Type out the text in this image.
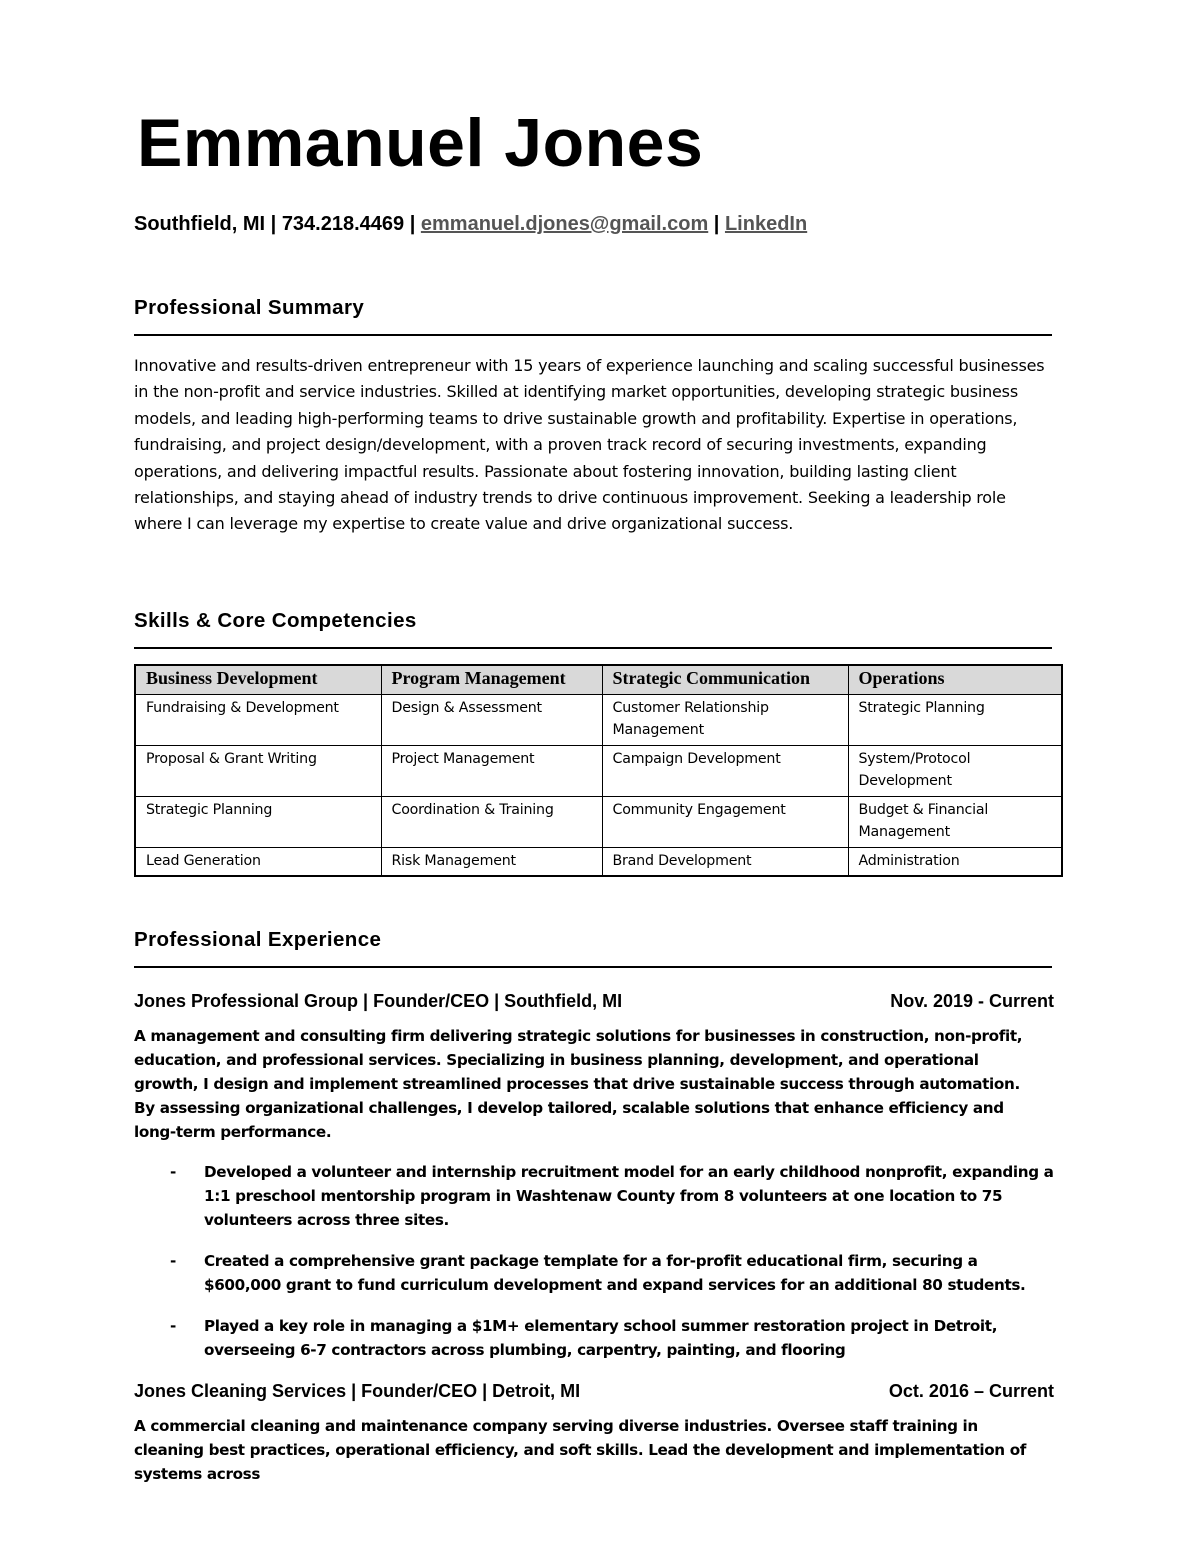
Emmanuel Jones
Southfield, MI | 734.218.4469 | emmanuel.djones@gmail.com | LinkedIn
Professional Summary
Innovative and results-driven entrepreneur with 15 years of experience launching and scaling successful businesses in the non-profit and service industries. Skilled at identifying market opportunities, developing strategic business models, and leading high-performing teams to drive sustainable growth and profitability. Expertise in operations, fundraising, and project design/development, with a proven track record of securing investments, expanding operations, and delivering impactful results. Passionate about fostering innovation, building lasting client relationships, and staying ahead of industry trends to drive continuous improvement. Seeking a leadership role where I can leverage my expertise to create value and drive organizational success.
Skills & Core Competencies
Business Development	Program Management	Strategic Communication	Operations
Fundraising & Development	Design & Assessment	Customer Relationship Management	Strategic Planning
Proposal & Grant Writing	Project Management	Campaign Development	System/Protocol Development
Strategic Planning	Coordination & Training	Community Engagement	Budget & Financial Management
Lead Generation	Risk Management	Brand Development	Administration
Professional Experience
Jones Professional Group | Founder/CEO | Southfield, MI	Nov. 2019 - Current
A management and consulting firm delivering strategic solutions for businesses in construction, non-profit, education, and professional services. Specializing in business planning, development, and operational growth, I design and implement streamlined processes that drive sustainable success through automation. By assessing organizational challenges, I develop tailored, scalable solutions that enhance efficiency and long-term performance.
- Developed a volunteer and internship recruitment model for an early childhood nonprofit, expanding a 1:1 preschool mentorship program in Washtenaw County from 8 volunteers at one location to 75 volunteers across three sites.
- Created a comprehensive grant package template for a for-profit educational firm, securing a $600,000 grant to fund curriculum development and expand services for an additional 80 students.
- Played a key role in managing a $1M+ elementary school summer restoration project in Detroit, overseeing 6-7 contractors across plumbing, carpentry, painting, and flooring
Jones Cleaning Services | Founder/CEO | Detroit, MI	Oct. 2016 – Current
A commercial cleaning and maintenance company serving diverse industries. Oversee staff training in cleaning best practices, operational efficiency, and soft skills. Lead the development and implementation of systems across
